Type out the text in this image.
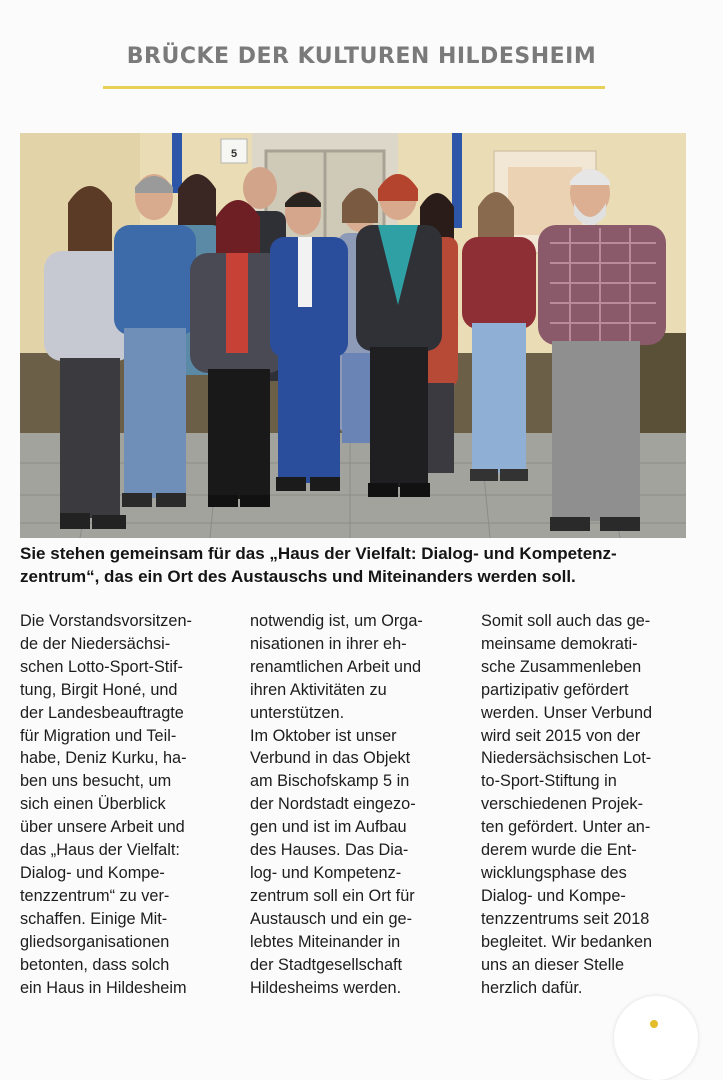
BRÜCKE DER KULTUREN HILDESHEIM
5
Sie stehen gemeinsam für das „Haus der Vielfalt: Dialog- und Kompetenz-
zentrum“, das ein Ort des Austauschs und Miteinanders werden soll.
Die Vorstandsvorsitzen-
de der Niedersächsi-
schen Lotto-Sport-Stif-
tung, Birgit Honé, und
der Landesbeauftragte
für Migration und Teil-
habe, Deniz Kurku, ha-
ben uns besucht, um
sich einen Überblick
über unsere Arbeit und
das „Haus der Vielfalt:
Dialog- und Kompe-
tenzzentrum“ zu ver-
schaffen. Einige Mit-
gliedsorganisationen
betonten, dass solch
ein Haus in Hildesheim
notwendig ist, um Orga-
nisationen in ihrer eh-
renamtlichen Arbeit und
ihren Aktivitäten zu
unterstützen.
Im Oktober ist unser
Verbund in das Objekt
am Bischofskamp 5 in
der Nordstadt eingezo-
gen und ist im Aufbau
des Hauses. Das Dia-
log- und Kompetenz-
zentrum soll ein Ort für
Austausch und ein ge-
lebtes Miteinander in
der Stadtgesellschaft
Hildesheims werden.
Somit soll auch das ge-
meinsame demokrati-
sche Zusammenleben
partizipativ gefördert
werden. Unser Verbund
wird seit 2015 von der
Niedersächsischen Lot-
to-Sport-Stiftung in
verschiedenen Projek-
ten gefördert. Unter an-
derem wurde die Ent-
wicklungsphase des
Dialog- und Kompe-
tenzzentrums seit 2018
begleitet. Wir bedanken
uns an dieser Stelle
herzlich dafür.
